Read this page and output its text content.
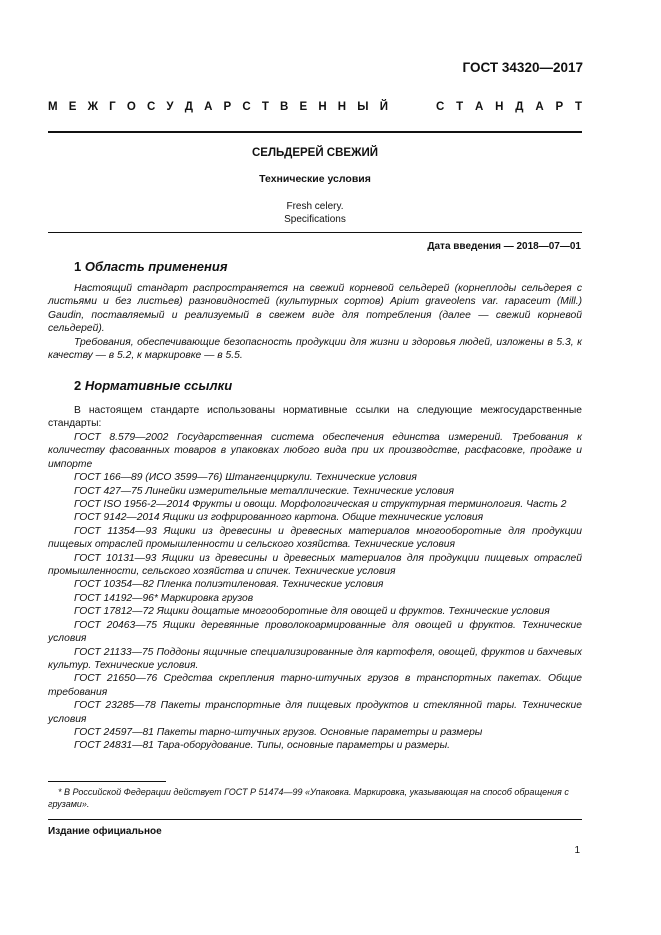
ГОСТ 34320—2017
М Е Ж Г О С У Д А Р С Т В Е Н Н Ы Й	С Т А Н Д А Р Т
СЕЛЬДЕРЕЙ СВЕЖИЙ
Технические условия
Fresh celery.
Specifications
Дата введения — 2018—07—01
1 Область применения
Настоящий стандарт распространяется на свежий корневой сельдерей (корнеплоды сельдерея с листьями и без листьев) разновидностей (культурных сортов) Apium graveolens var. rapaceum (Mill.) Gaudin, поставляемый и реализуемый в свежем виде для потребления (далее — свежий корневой сельдерей).
Требования, обеспечивающие безопасность продукции для жизни и здоровья людей, изложены в 5.3, к качеству — в 5.2, к маркировке — в 5.5.
2 Нормативные ссылки
В настоящем стандарте использованы нормативные ссылки на следующие межгосударственные стандарты:
ГОСТ 8.579—2002 Государственная система обеспечения единства измерений. Требования к количеству фасованных товаров в упаковках любого вида при их производстве, расфасовке, продаже и импорте
ГОСТ 166—89 (ИСО 3599—76) Штангенциркули. Технические условия
ГОСТ 427—75 Линейки измерительные металлические. Технические условия
ГОСТ ISO 1956-2—2014 Фрукты и овощи. Морфологическая и структурная терминология. Часть 2
ГОСТ 9142—2014 Ящики из гофрированного картона. Общие технические условия
ГОСТ 11354—93 Ящики из древесины и древесных материалов многооборотные для продукции пищевых отраслей промышленности и сельского хозяйства. Технические условия
ГОСТ 10131—93 Ящики из древесины и древесных материалов для продукции пищевых отраслей промышленности, сельского хозяйства и спичек. Технические условия
ГОСТ 10354—82 Пленка полиэтиленовая. Технические условия
ГОСТ 14192—96* Маркировка грузов
ГОСТ 17812—72 Ящики дощатые многооборотные для овощей и фруктов. Технические условия
ГОСТ 20463—75 Ящики деревянные проволокоармированные для овощей и фруктов. Технические условия
ГОСТ 21133—75 Поддоны ящичные специализированные для картофеля, овощей, фруктов и бахчевых культур. Технические условия.
ГОСТ 21650—76 Средства скрепления тарно-штучных грузов в транспортных пакетах. Общие требования
ГОСТ 23285—78 Пакеты транспортные для пищевых продуктов и стеклянной тары. Технические условия
ГОСТ 24597—81 Пакеты тарно-штучных грузов. Основные параметры и размеры
ГОСТ 24831—81 Тара-оборудование. Типы, основные параметры и размеры.
* В Российской Федерации действует ГОСТ Р 51474—99 «Упаковка. Маркировка, указывающая на способ обращения с грузами».
Издание официальное
1
